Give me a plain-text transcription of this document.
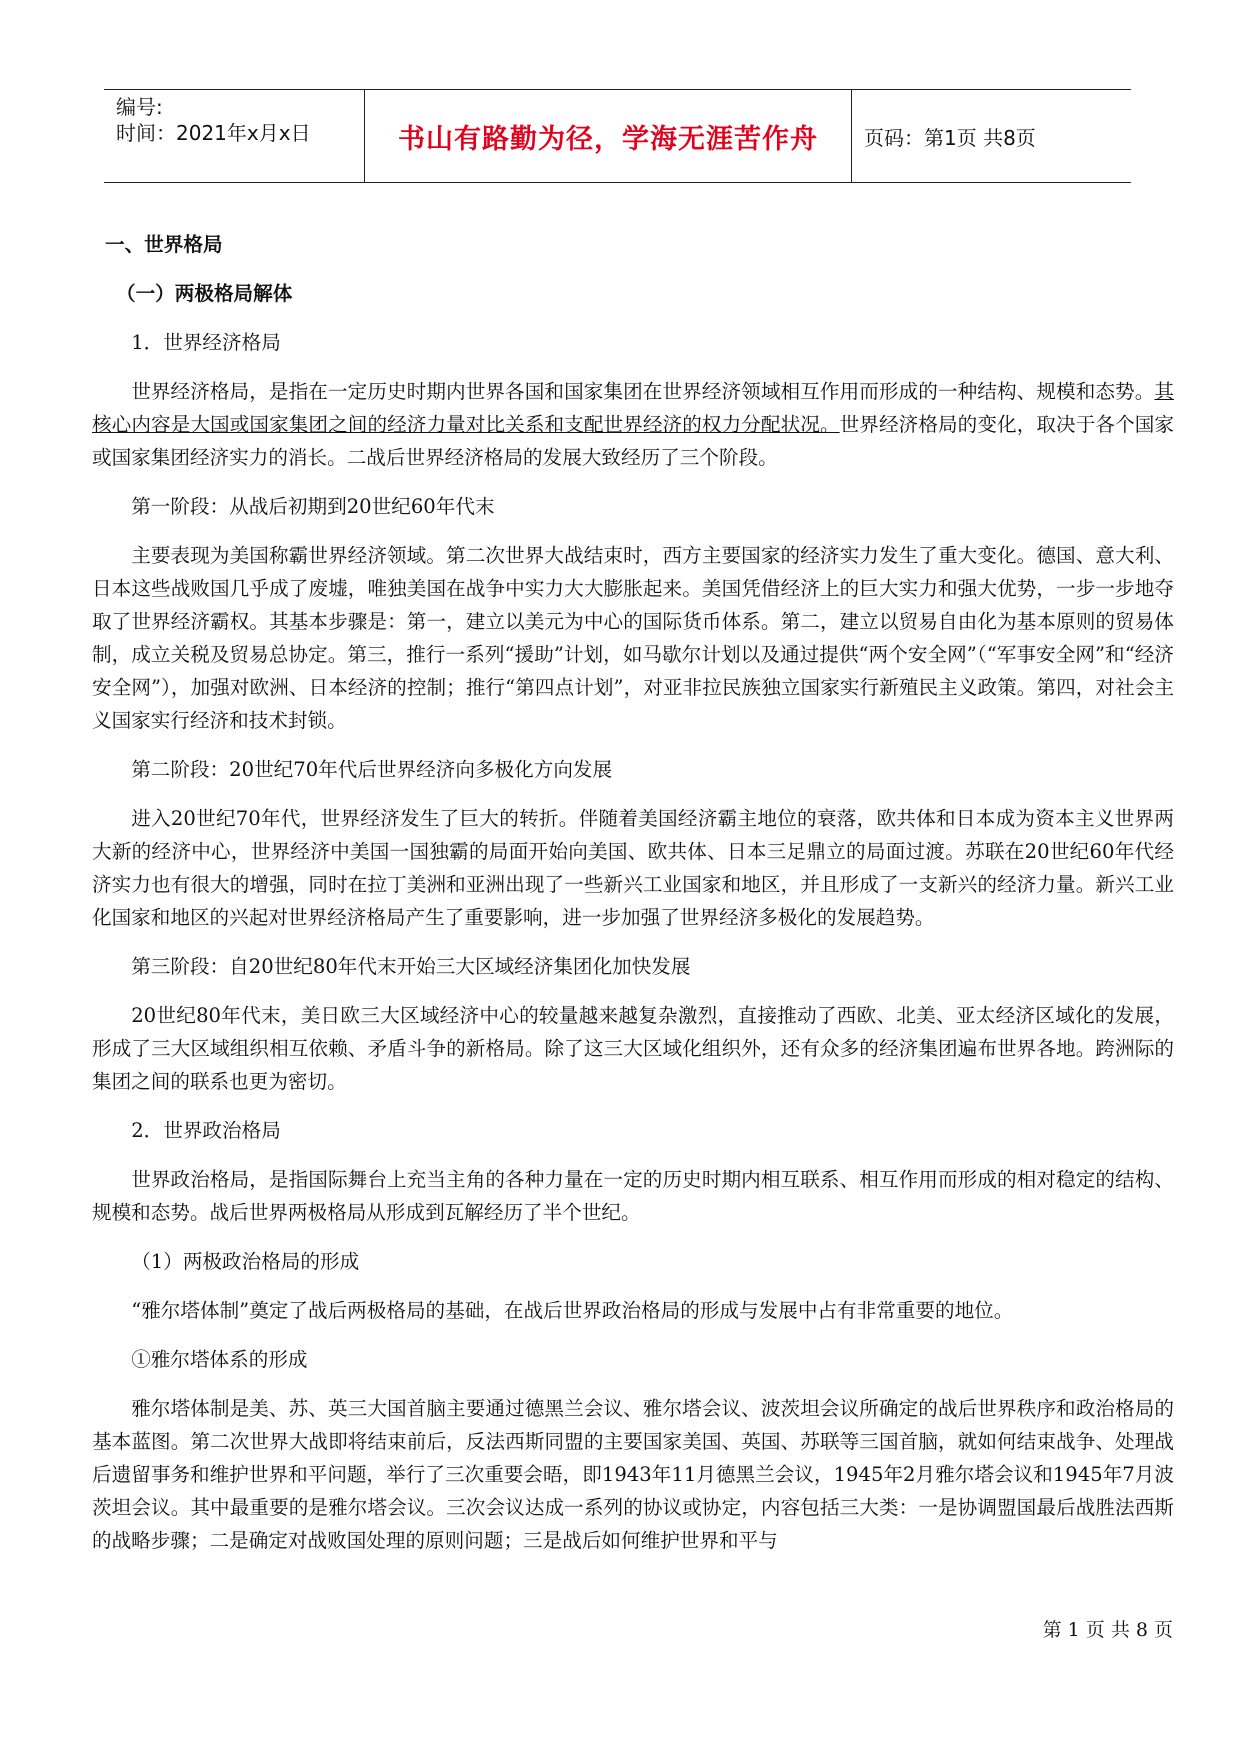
编号:
时间：2021年x月x日	书山有路勤为径，学海无涯苦作舟 页码：第1页 共8页
一、世界格局
（一）两极格局解体

1．世界经济格局

世界经济格局，是指在一定历史时期内世界各国和国家集团在世界经济领域相互作用而形成的一种结构、规模和态势。其核心内容是大国或国家集团之间的经济力量对比关系和支配世界经济的权力分配状况。世界经济格局的变化，取决于各个国家或国家集团经济实力的消长。二战后世界经济格局的发展大致经历了三个阶段。

第一阶段：从战后初期到20世纪60年代末

主要表现为美国称霸世界经济领域。第二次世界大战结束时，西方主要国家的经济实力发生了重大变化。德国、意大利、日本这些战败国几乎成了废墟，唯独美国在战争中实力大大膨胀起来。美国凭借经济上的巨大实力和强大优势，一步一步地夺取了世界经济霸权。其基本步骤是：第一，建立以美元为中心的国际货币体系。第二，建立以贸易自由化为基本原则的贸易体制，成立关税及贸易总协定。第三，推行一系列“援助”计划，如马歇尔计划以及通过提供“两个安全网”（“军事安全网”和“经济安全网”），加强对欧洲、日本经济的控制；推行“第四点计划”，对亚非拉民族独立国家实行新殖民主义政策。第四，对社会主义国家实行经济和技术封锁。

第二阶段：20世纪70年代后世界经济向多极化方向发展

进入20世纪70年代，世界经济发生了巨大的转折。伴随着美国经济霸主地位的衰落，欧共体和日本成为资本主义世界两大新的经济中心，世界经济中美国一国独霸的局面开始向美国、欧共体、日本三足鼎立的局面过渡。苏联在20世纪60年代经济实力也有很大的增强，同时在拉丁美洲和亚洲出现了一些新兴工业国家和地区，并且形成了一支新兴的经济力量。新兴工业化国家和地区的兴起对世界经济格局产生了重要影响，进一步加强了世界经济多极化的发展趋势。

第三阶段：自20世纪80年代末开始三大区域经济集团化加快发展

20世纪80年代末，美日欧三大区域经济中心的较量越来越复杂激烈，直接推动了西欧、北美、亚太经济区域化的发展，形成了三大区域组织相互依赖、矛盾斗争的新格局。除了这三大区域化组织外，还有众多的经济集团遍布世界各地。跨洲际的集团之间的联系也更为密切。

2．世界政治格局

世界政治格局，是指国际舞台上充当主角的各种力量在一定的历史时期内相互联系、相互作用而形成的相对稳定的结构、规模和态势。战后世界两极格局从形成到瓦解经历了半个世纪。

（1）两极政治格局的形成

“雅尔塔体制”奠定了战后两极格局的基础，在战后世界政治格局的形成与发展中占有非常重要的地位。

①雅尔塔体系的形成

雅尔塔体制是美、苏、英三大国首脑主要通过德黑兰会议、雅尔塔会议、波茨坦会议所确定的战后世界秩序和政治格局的基本蓝图。第二次世界大战即将结束前后，反法西斯同盟的主要国家美国、英国、苏联等三国首脑，就如何结束战争、处理战后遗留事务和维护世界和平问题，举行了三次重要会晤，即1943年11月德黑兰会议，1945年2月雅尔塔会议和1945年7月波茨坦会议。其中最重要的是雅尔塔会议。三次会议达成一系列的协议或协定，内容包括三大类：一是协调盟国最后战胜法西斯的战略步骤；二是确定对战败国处理的原则问题；三是战后如何维护世界和平与

第 1 页 共 8 页
